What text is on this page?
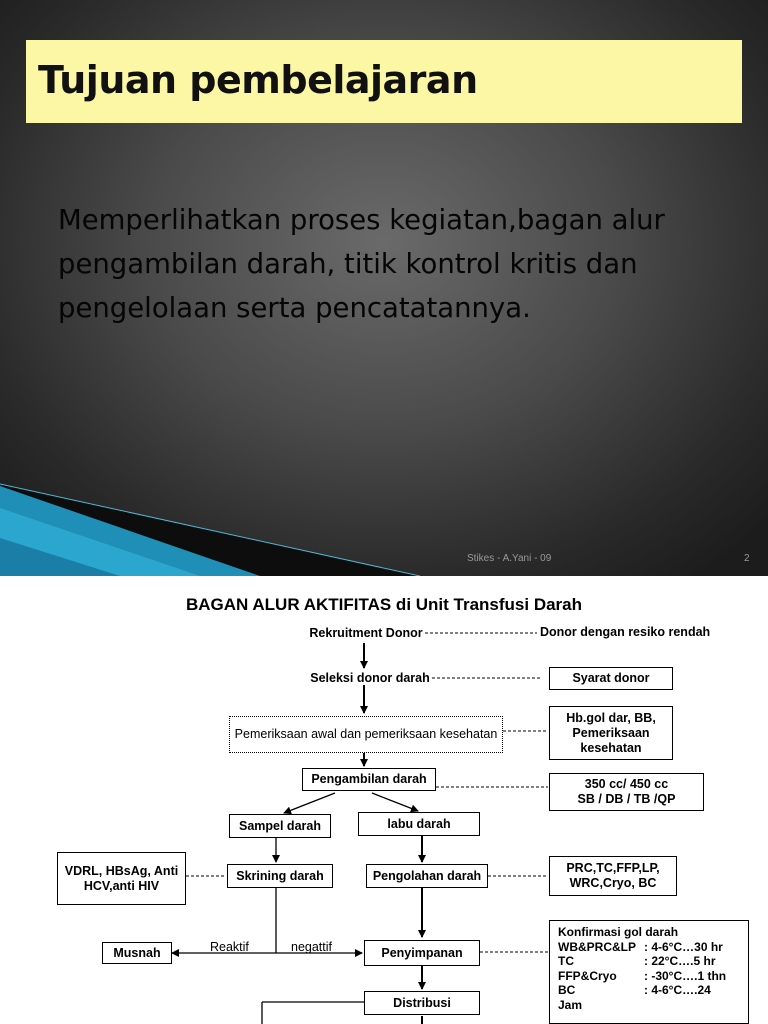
Tujuan pembelajaran

Memperlihatkan proses kegiatan,bagan alur pengambilan darah, titik kontrol kritis dan pengelolaan serta pencatatannya.

Stikes - A.Yani - 09	2
BAGAN ALUR AKTIFITAS di Unit Transfusi Darah
Rekruitment Donor
Seleksi donor darah
Pemeriksaan awal dan pemeriksaan kesehatan
Pengambilan darah
Sampel darah	labu darah
Skrining darah	Pengolahan darah
Penyimpanan
Musnah
Distribusi
Donor dengan resiko rendah
Syarat donor
Hb.gol dar, BB, Pemeriksaan kesehatan
350 cc/ 450 cc
SB / DB / TB /QP
VDRL, HBsAg, Anti HCV,anti HIV
PRC,TC,FFP,LP, WRC,Cryo, BC
Reaktif	negattif
Konfirmasi gol darah
WB&PRC&LP : 4-6°C…30 hr
TC	: 22°C….5 hr
FFP&Cryo	: -30°C….1 thn
BC	: 4-6°C….24
Jam
